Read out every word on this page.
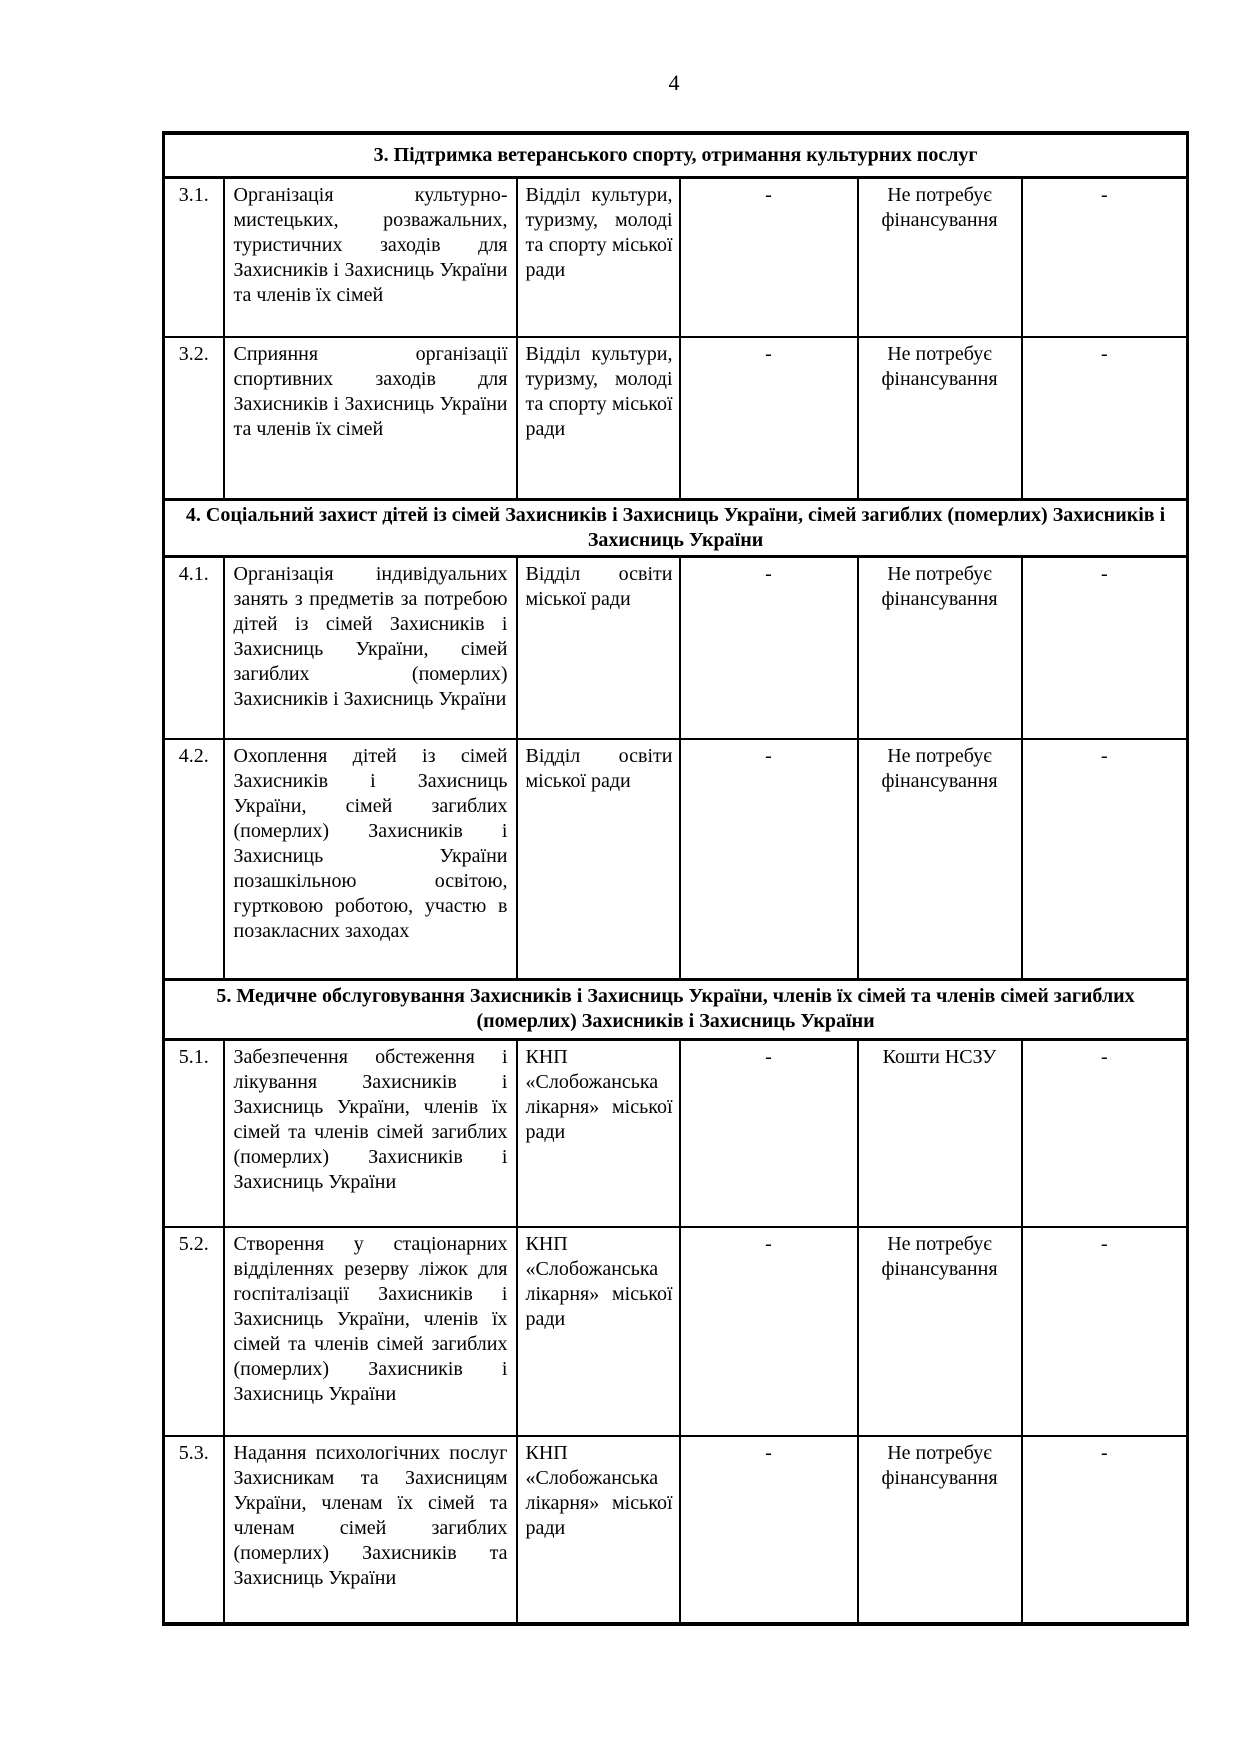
4
3. Підтримка ветеранського спорту, отримання культурних послуг					
3.1.	Організація культурно-мистецьких, розважальних, туристичних заходів для Захисників і Захисниць України та членів їх сімей	Відділ культури, туризму, молоді та спорту міської ради	-	Не потребує фінансування	-
3.2.	Сприяння організації спортивних заходів для Захисників і Захисниць України та членів їх сімей	Відділ культури, туризму, молоді та спорту міської ради	-	Не потребує фінансування	-
4. Соціальний захист дітей із сімей Захисників і Захисниць України, сімей загиблих (померлих) Захисників і Захисниць України					
4.1.	Організація індивідуальних занять з предметів за потребою дітей із сімей Захисників і Захисниць України, сімей загиблих (померлих) Захисників і Захисниць України	Відділ освіти міської ради	-	Не потребує фінансування	-
4.2.	Охоплення дітей із сімей Захисників і Захисниць України, сімей загиблих (померлих) Захисників і Захисниць України позашкільною освітою, гуртковою роботою, участю в позакласних заходах	Відділ освіти міської ради	-	Не потребує фінансування	-
5. Медичне обслуговування Захисників і Захисниць України, членів їх сімей та членів сімей загиблих (померлих) Захисників і Захисниць України					
5.1.	Забезпечення обстеження і лікування Захисників і Захисниць України, членів їх сімей та членів сімей загиблих (померлих) Захисників і Захисниць України	КНП «Слобожанська лікарня» міської ради	-	Кошти НСЗУ	-
5.2.	Створення у стаціонарних відділеннях резерву ліжок для госпіталізації Захисників і Захисниць України, членів їх сімей та членів сімей загиблих (померлих) Захисників і Захисниць України	КНП «Слобожанська лікарня» міської ради	-	Не потребує фінансування	-
5.3.	Надання психологічних послуг Захисникам та Захисницям України, членам їх сімей та членам сімей загиблих (померлих) Захисників та Захисниць України	КНП «Слобожанська лікарня» міської ради	-	Не потребує фінансування	-
